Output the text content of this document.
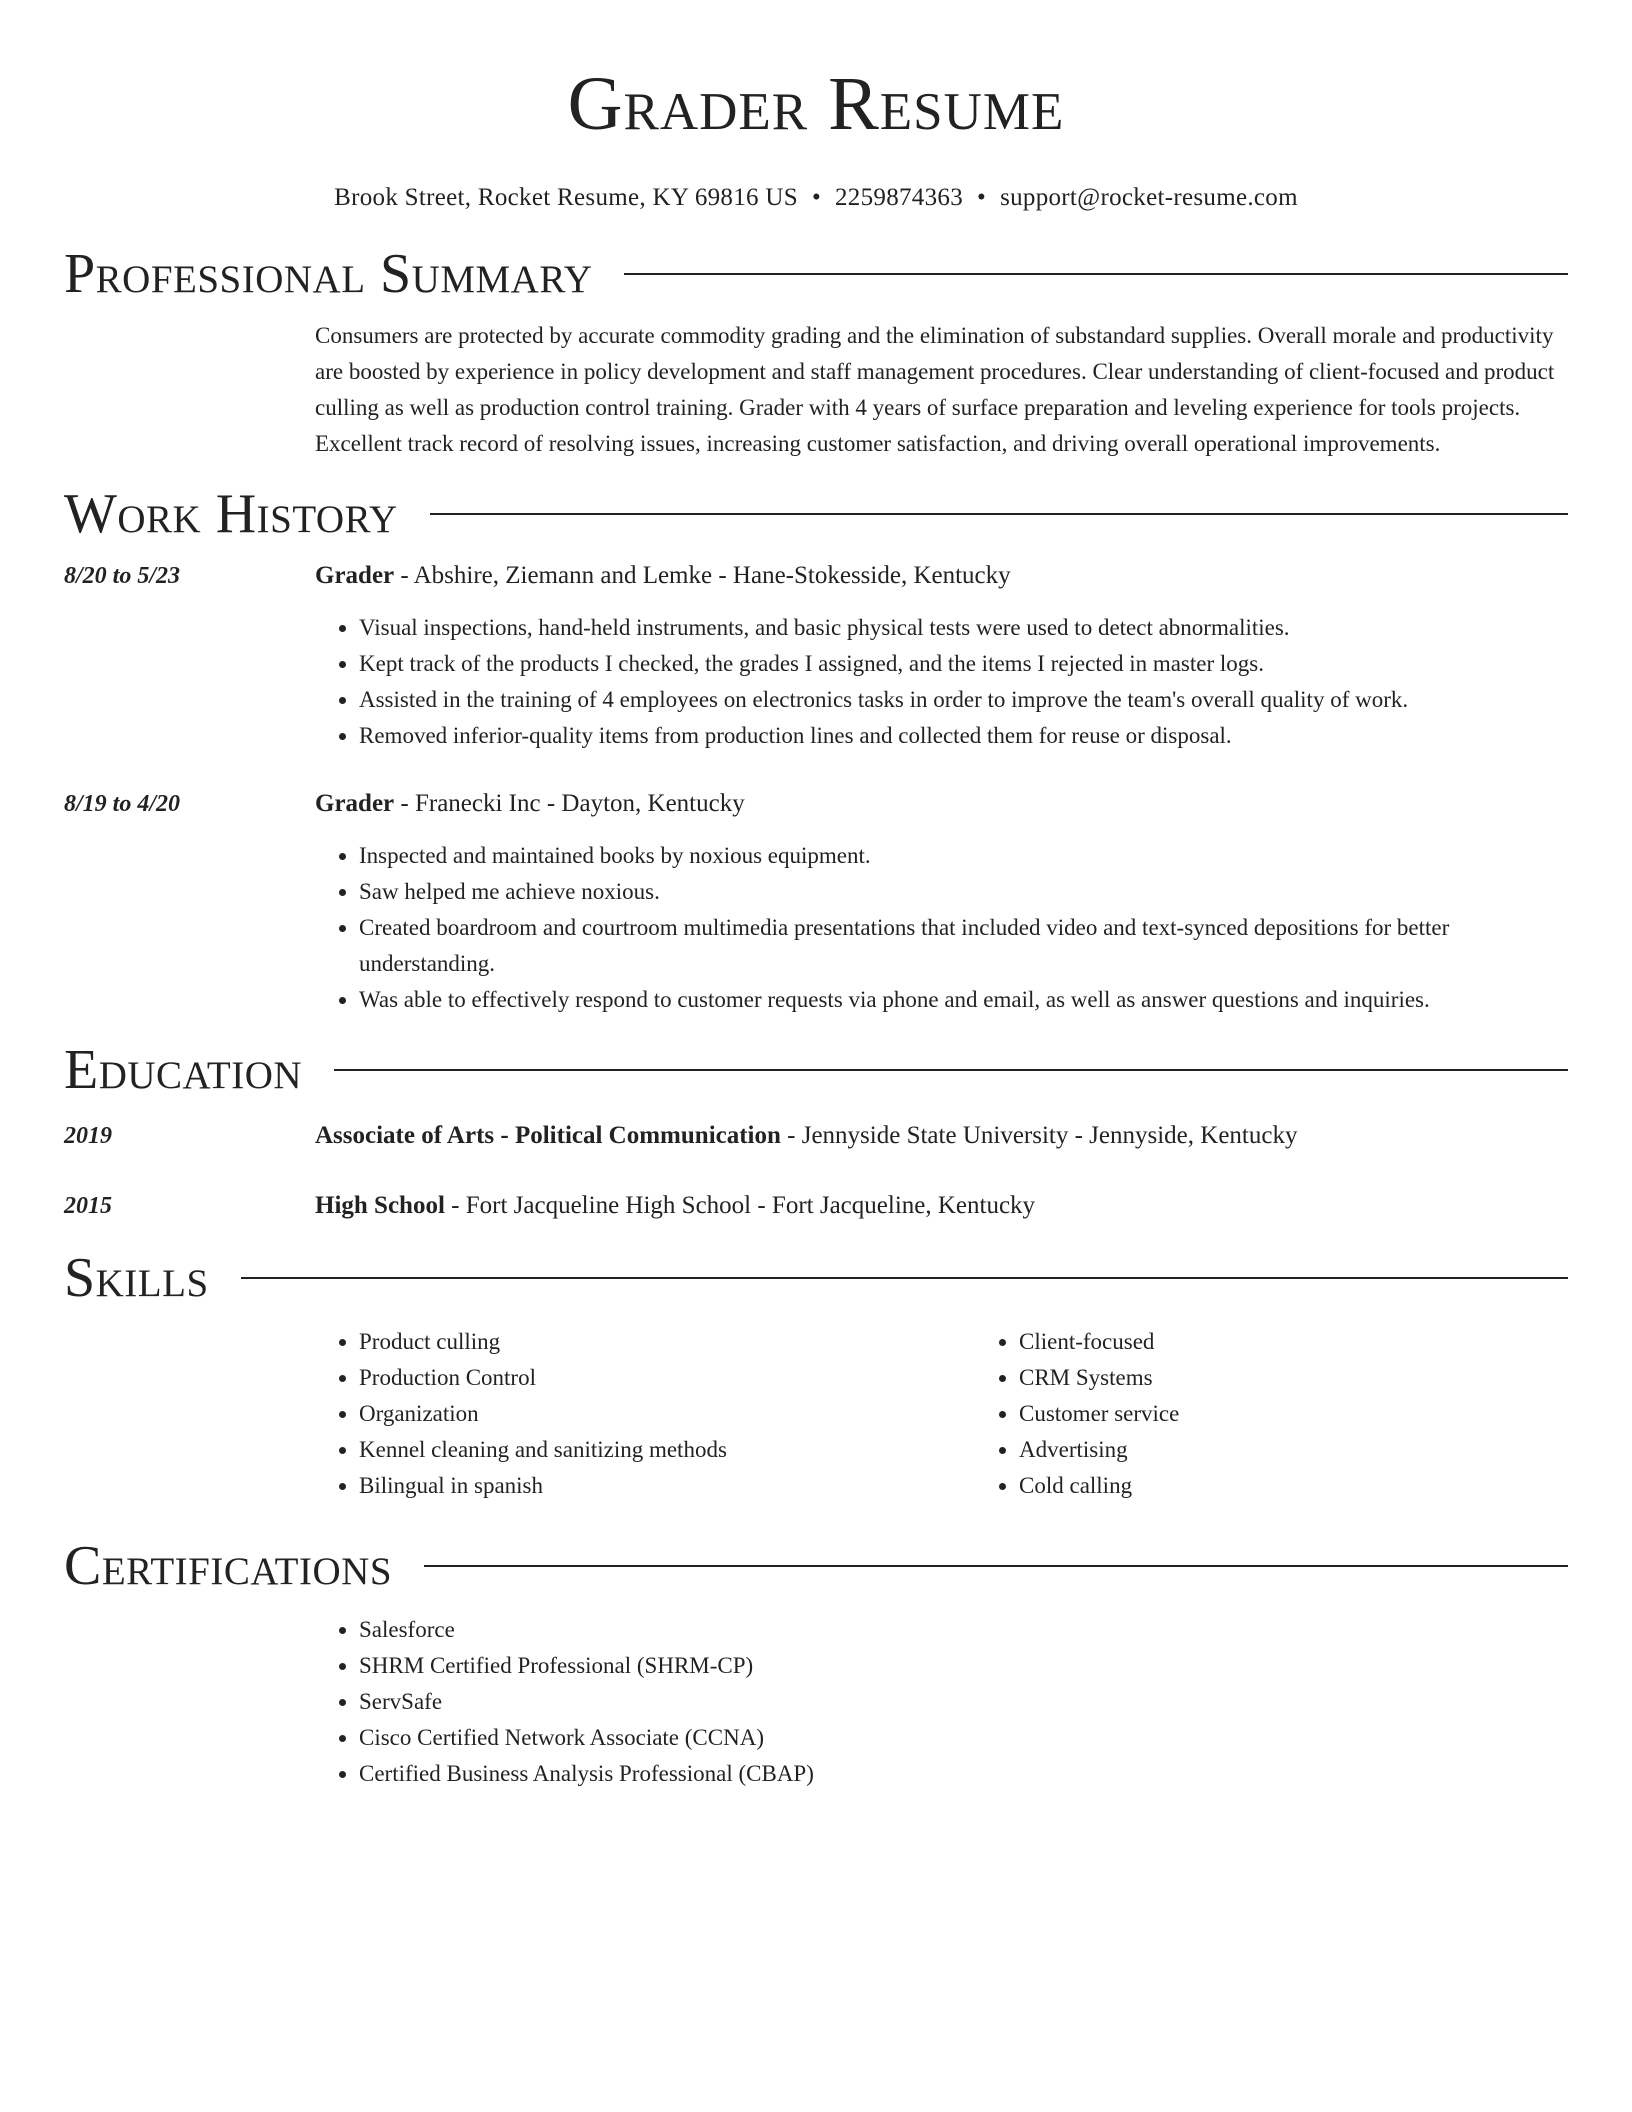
Grader Resume
Brook Street, Rocket Resume, KY 69816 US • 2259874363 • support@rocket-resume.com
Professional Summary

Consumers are protected by accurate commodity grading and the elimination of substandard supplies. Overall morale and productivity are boosted by experience in policy development and staff management procedures. Clear understanding of client-focused and product culling as well as production control training. Grader with 4 years of surface preparation and leveling experience for tools projects. Excellent track record of resolving issues, increasing customer satisfaction, and driving overall operational improvements.

Work History
8/20 to 5/23	Grader - Abshire, Ziemann and Lemke - Hane-Stokesside, Kentucky
• Visual inspections, hand-held instruments, and basic physical tests were used to detect abnormalities.
• Kept track of the products I checked, the grades I assigned, and the items I rejected in master logs.
• Assisted in the training of 4 employees on electronics tasks in order to improve the team's overall quality of work.
• Removed inferior-quality items from production lines and collected them for reuse or disposal.
8/19 to 4/20	Grader - Franecki Inc - Dayton, Kentucky
• Inspected and maintained books by noxious equipment.
• Saw helped me achieve noxious.
• Created boardroom and courtroom multimedia presentations that included video and text-synced depositions for better understanding.
• Was able to effectively respond to customer requests via phone and email, as well as answer questions and inquiries.
Education
2019	Associate of Arts - Political Communication - Jennyside State University - Jennyside, Kentucky
2015	High School - Fort Jacqueline High School - Fort Jacqueline, Kentucky
Skills
• Product culling
• Production Control
• Organization
• Kennel cleaning and sanitizing methods
• Bilingual in spanish
• Client-focused
• CRM Systems
• Customer service
• Advertising
• Cold calling
Certifications
• Salesforce
• SHRM Certified Professional (SHRM-CP)
• ServSafe
• Cisco Certified Network Associate (CCNA)
• Certified Business Analysis Professional (CBAP)
